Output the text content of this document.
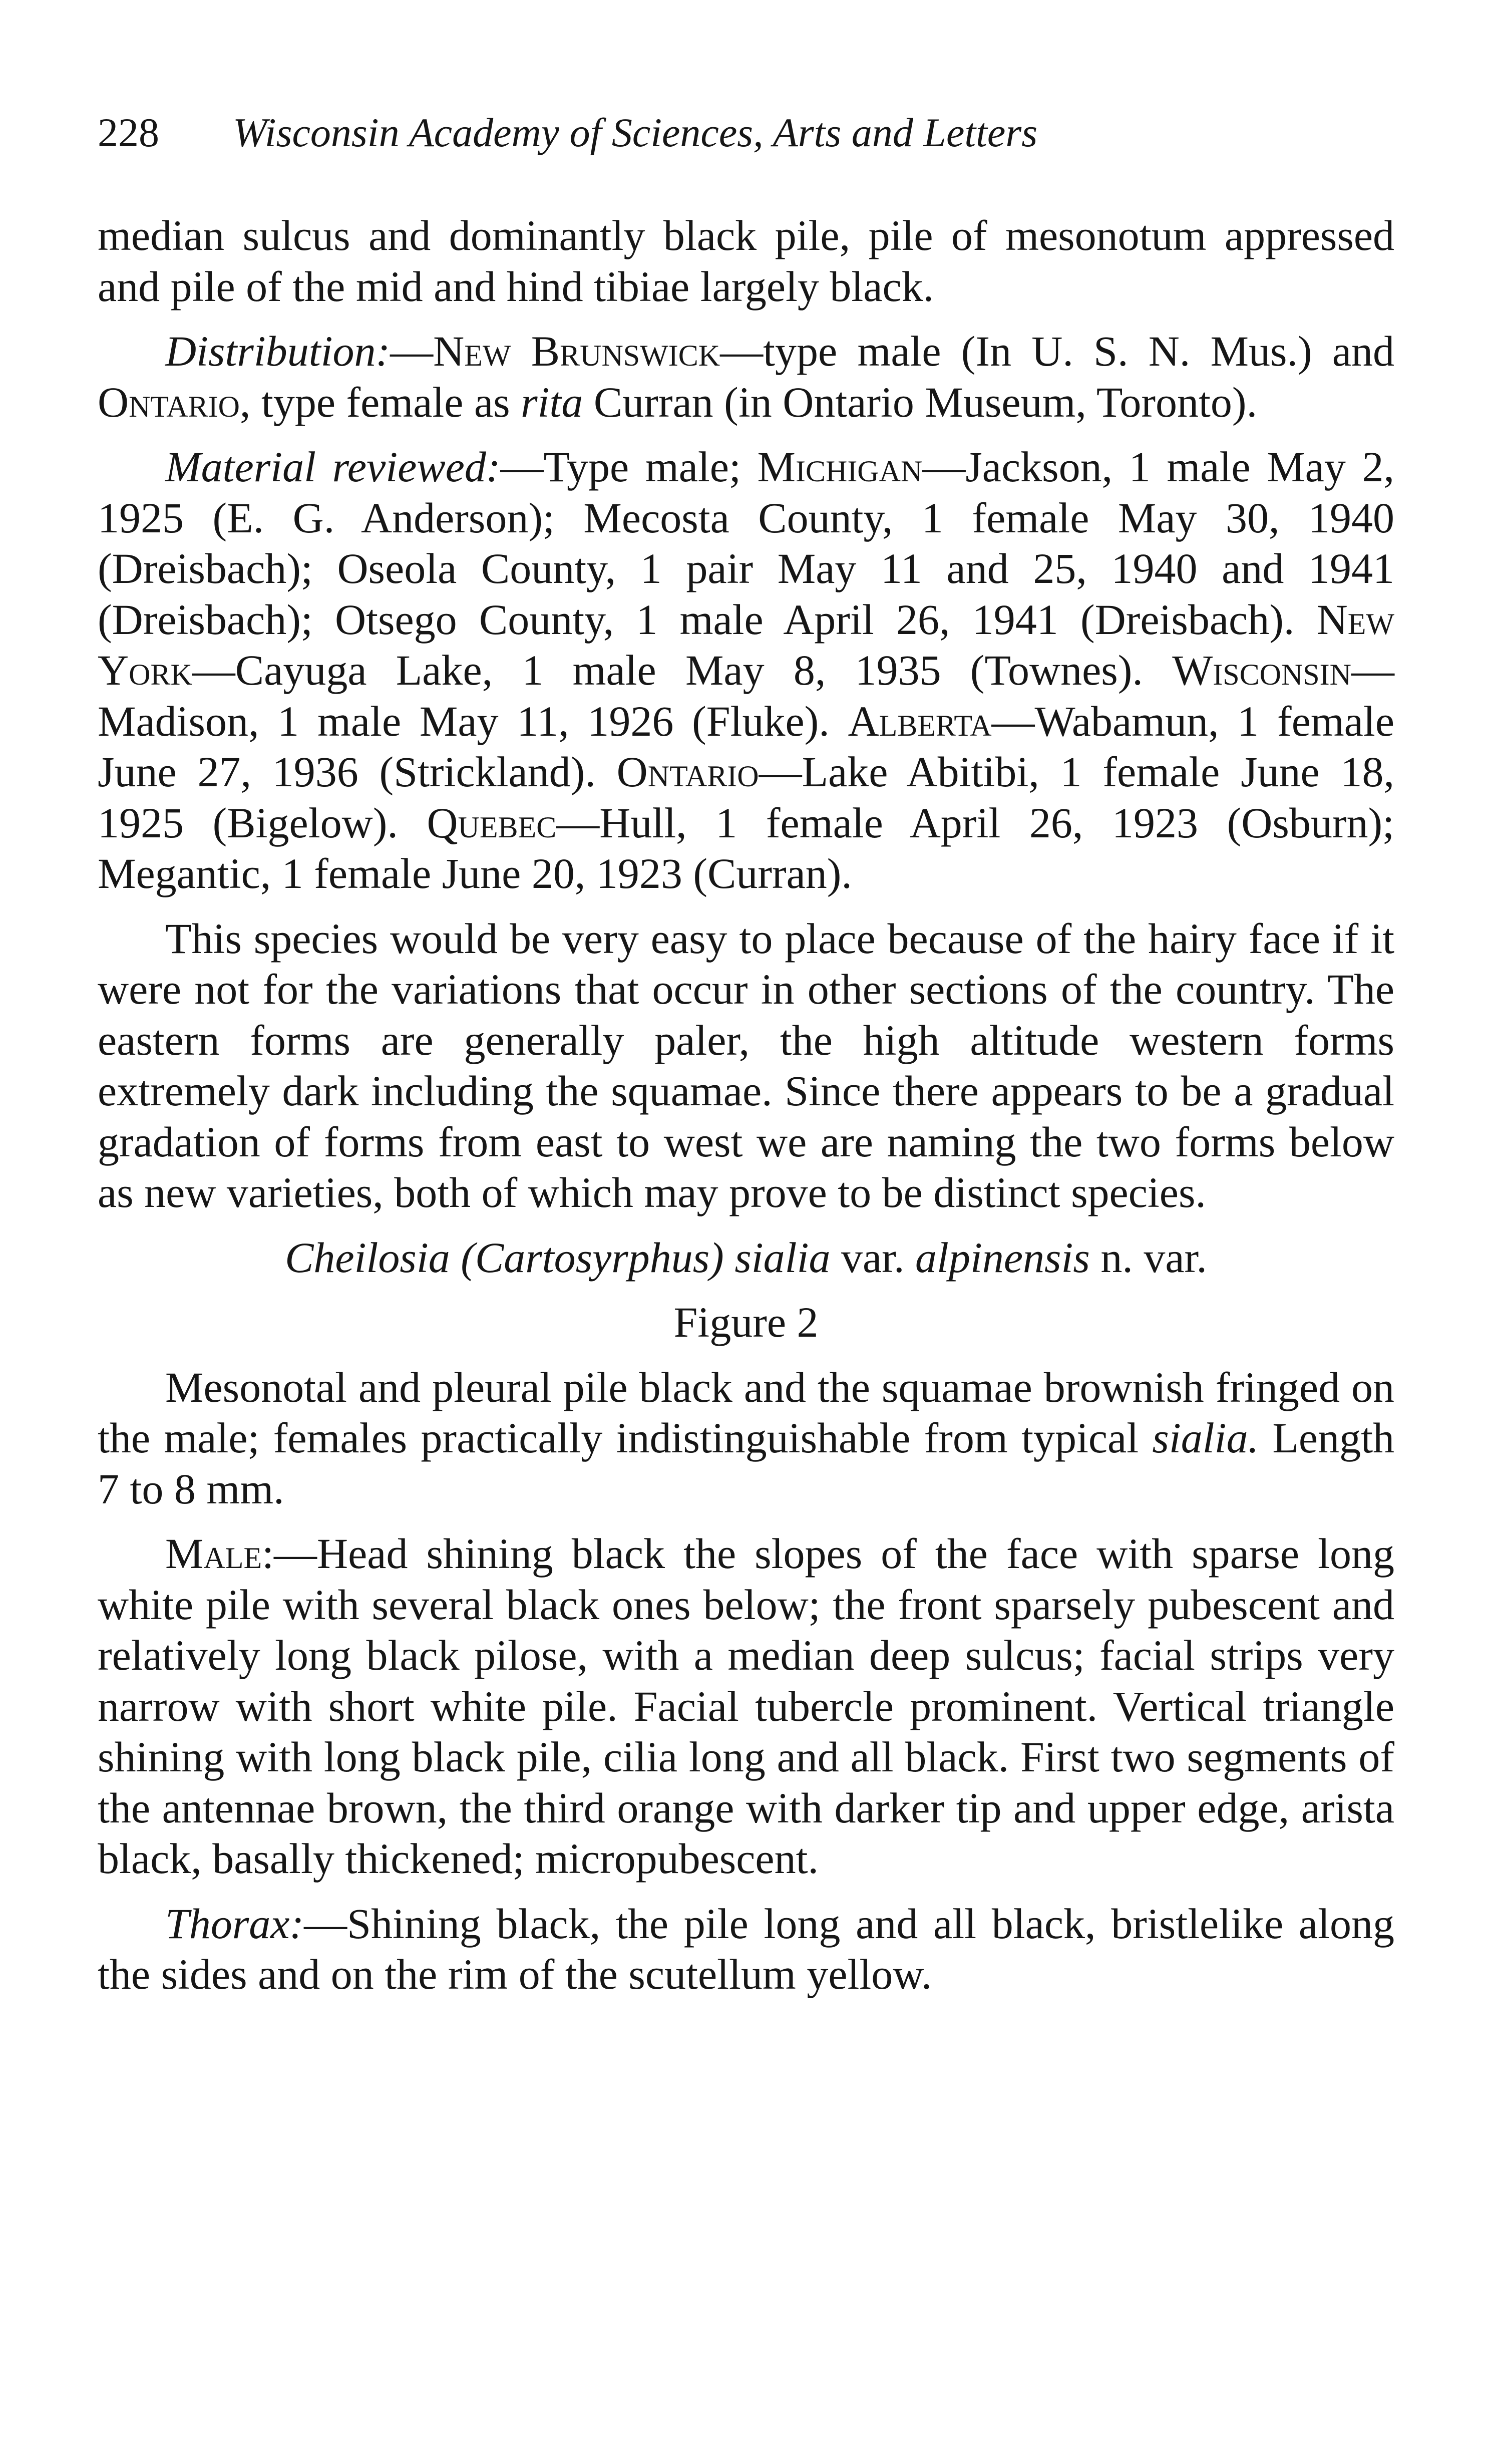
228 Wisconsin Academy of Sciences, Arts and Letters

median sulcus and dominantly black pile, pile of mesonotum appressed and pile of the mid and hind tibiae largely black.

Distribution:—New Brunswick—type male (In U. S. N. Mus.) and Ontario, type female as rita Curran (in Ontario Museum, Toronto).

Material reviewed:—Type male; Michigan—Jackson, 1 male May 2, 1925 (E. G. Anderson); Mecosta County, 1 female May 30, 1940 (Dreisbach); Oseola County, 1 pair May 11 and 25, 1940 and 1941 (Dreisbach); Otsego County, 1 male April 26, 1941 (Dreisbach). New York—Cayuga Lake, 1 male May 8, 1935 (Townes). Wisconsin—Madison, 1 male May 11, 1926 (Fluke). Alberta—Wabamun, 1 female June 27, 1936 (Strickland). Ontario—Lake Abitibi, 1 female June 18, 1925 (Bigelow). Quebec—Hull, 1 female April 26, 1923 (Osburn); Megantic, 1 female June 20, 1923 (Curran).

This species would be very easy to place because of the hairy face if it were not for the variations that occur in other sections of the country. The eastern forms are generally paler, the high altitude western forms extremely dark including the squamae. Since there appears to be a gradual gradation of forms from east to west we are naming the two forms below as new varieties, both of which may prove to be distinct species.

Cheilosia (Cartosyrphus) sialia var. alpinensis n. var.

Figure 2

Mesonotal and pleural pile black and the squamae brownish fringed on the male; females practically indistinguishable from typical sialia. Length 7 to 8 mm.

Male:—Head shining black the slopes of the face with sparse long white pile with several black ones below; the front sparsely pubescent and relatively long black pilose, with a median deep sulcus; facial strips very narrow with short white pile. Facial tubercle prominent. Vertical triangle shining with long black pile, cilia long and all black. First two segments of the antennae brown, the third orange with darker tip and upper edge, arista black, basally thickened; micropubescent.

Thorax:—Shining black, the pile long and all black, bristlelike along the sides and on the rim of the scutellum yellow.
